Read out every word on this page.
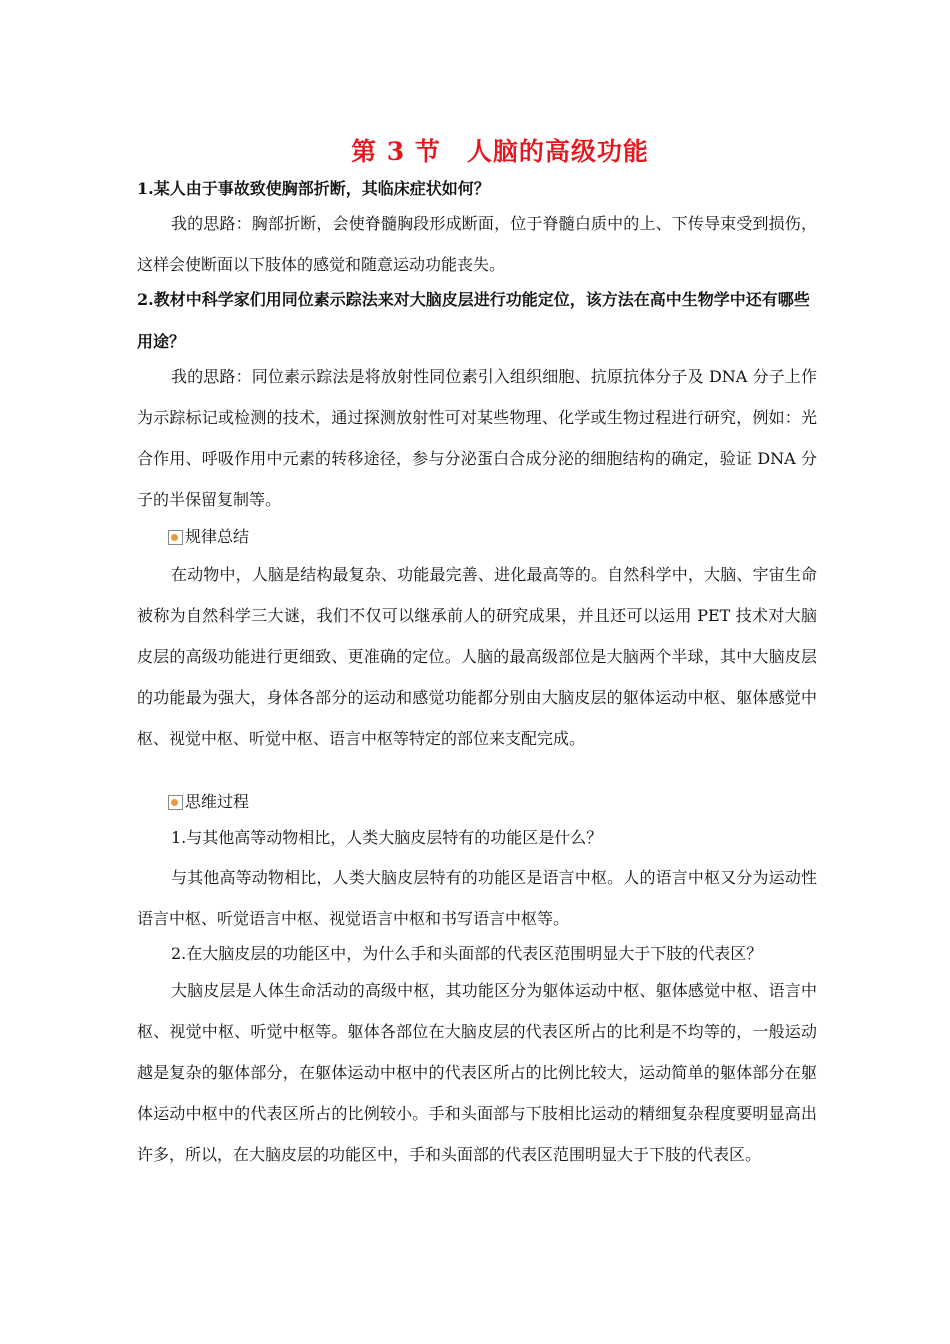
第 3 节　人脑的高级功能
1.某人由于事故致使胸部折断，其临床症状如何？
我的思路：胸部折断，会使脊髓胸段形成断面，位于脊髓白质中的上、下传导束受到损伤，这样会使断面以下肢体的感觉和随意运动功能丧失。
2.教材中科学家们用同位素示踪法来对大脑皮层进行功能定位，该方法在高中生物学中还有哪些用途？
我的思路：同位素示踪法是将放射性同位素引入组织细胞、抗原抗体分子及 DNA 分子上作为示踪标记或检测的技术，通过探测放射性可对某些物理、化学或生物过程进行研究，例如：光合作用、呼吸作用中元素的转移途径，参与分泌蛋白合成分泌的细胞结构的确定，验证 DNA 分子的半保留复制等。
规律总结
在动物中，人脑是结构最复杂、功能最完善、进化最高等的。自然科学中，大脑、宇宙生命被称为自然科学三大谜，我们不仅可以继承前人的研究成果，并且还可以运用 PET 技术对大脑皮层的高级功能进行更细致、更准确的定位。人脑的最高级部位是大脑两个半球，其中大脑皮层的功能最为强大，身体各部分的运动和感觉功能都分别由大脑皮层的躯体运动中枢、躯体感觉中枢、视觉中枢、听觉中枢、语言中枢等特定的部位来支配完成。
思维过程
1.与其他高等动物相比，人类大脑皮层特有的功能区是什么？
与其他高等动物相比，人类大脑皮层特有的功能区是语言中枢。人的语言中枢又分为运动性语言中枢、听觉语言中枢、视觉语言中枢和书写语言中枢等。
2.在大脑皮层的功能区中，为什么手和头面部的代表区范围明显大于下肢的代表区？
大脑皮层是人体生命活动的高级中枢，其功能区分为躯体运动中枢、躯体感觉中枢、语言中枢、视觉中枢、听觉中枢等。躯体各部位在大脑皮层的代表区所占的比利是不均等的，一般运动越是复杂的躯体部分，在躯体运动中枢中的代表区所占的比例比较大，运动简单的躯体部分在躯体运动中枢中的代表区所占的比例较小。手和头面部与下肢相比运动的精细复杂程度要明显高出许多，所以，在大脑皮层的功能区中，手和头面部的代表区范围明显大于下肢的代表区。
